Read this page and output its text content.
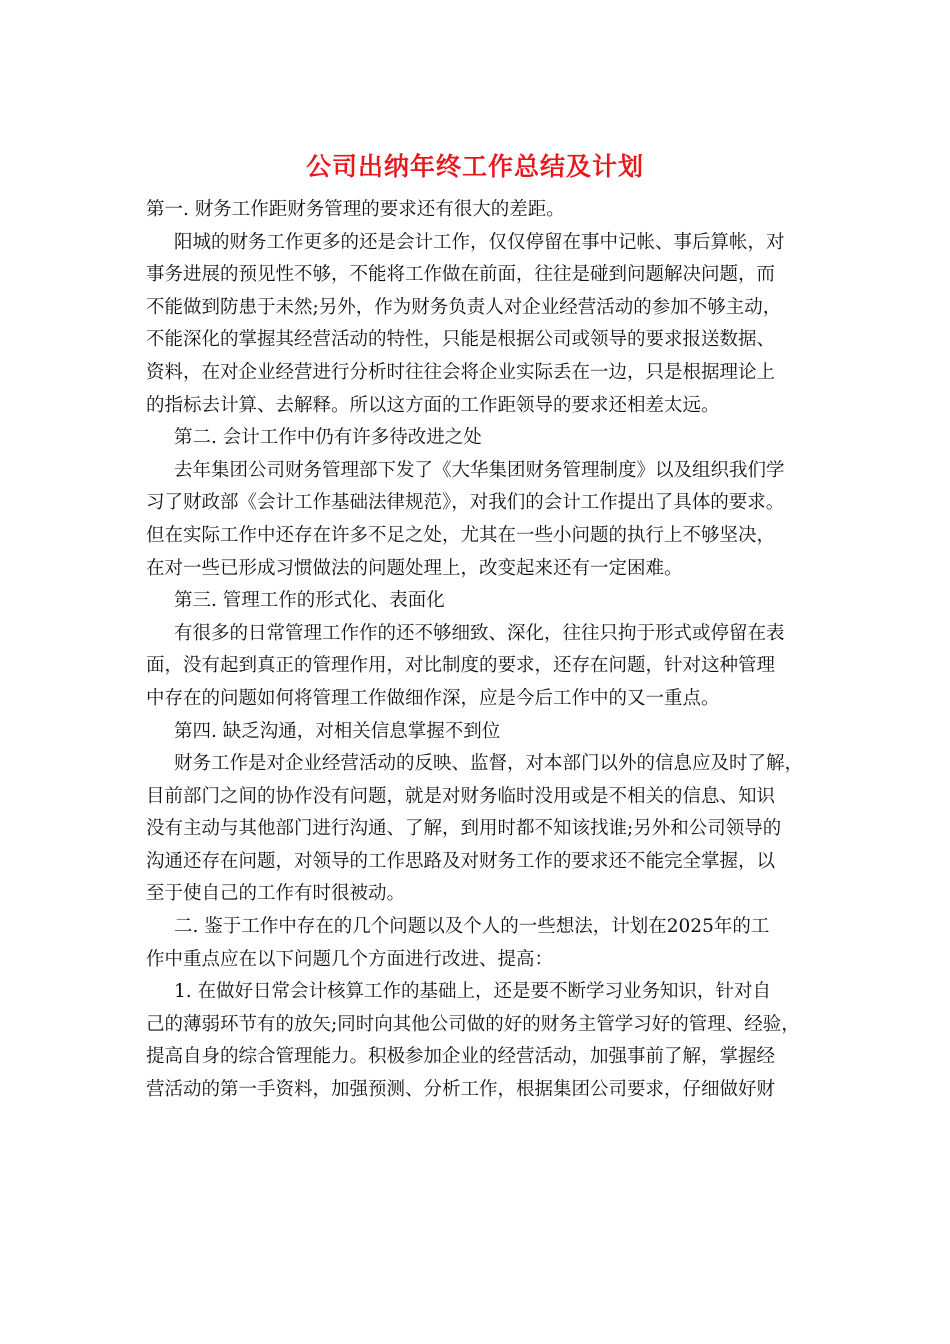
公司出纳年终工作总结及计划
第一. 财务工作距财务管理的要求还有很大的差距。
阳城的财务工作更多的还是会计工作，仅仅停留在事中记帐、事后算帐，对
事务进展的预见性不够，不能将工作做在前面，往往是碰到问题解决问题，而
不能做到防患于未然;另外，作为财务负责人对企业经营活动的参加不够主动，
不能深化的掌握其经营活动的特性，只能是根据公司或领导的要求报送数据、
资料，在对企业经营进行分析时往往会将企业实际丢在一边，只是根据理论上
的指标去计算、去解释。所以这方面的工作距领导的要求还相差太远。
第二. 会计工作中仍有许多待改进之处
去年集团公司财务管理部下发了《大华集团财务管理制度》以及组织我们学
习了财政部《会计工作基础法律规范》，对我们的会计工作提出了具体的要求。
但在实际工作中还存在许多不足之处，尤其在一些小问题的执行上不够坚决，
在对一些已形成习惯做法的问题处理上，改变起来还有一定困难。
第三. 管理工作的形式化、表面化
有很多的日常管理工作作的还不够细致、深化，往往只拘于形式或停留在表
面，没有起到真正的管理作用，对比制度的要求，还存在问题，针对这种管理
中存在的问题如何将管理工作做细作深，应是今后工作中的又一重点。
第四. 缺乏沟通，对相关信息掌握不到位
财务工作是对企业经营活动的反映、监督，对本部门以外的信息应及时了解，
目前部门之间的协作没有问题，就是对财务临时没用或是不相关的信息、知识
没有主动与其他部门进行沟通、了解，到用时都不知该找谁;另外和公司领导的
沟通还存在问题，对领导的工作思路及对财务工作的要求还不能完全掌握，以
至于使自己的工作有时很被动。
二. 鉴于工作中存在的几个问题以及个人的一些想法，计划在2025年的工
作中重点应在以下问题几个方面进行改进、提高：
1. 在做好日常会计核算工作的基础上，还是要不断学习业务知识，针对自
己的薄弱环节有的放矢;同时向其他公司做的好的财务主管学习好的管理、经验，
提高自身的综合管理能力。积极参加企业的经营活动，加强事前了解，掌握经
营活动的第一手资料，加强预测、分析工作，根据集团公司要求，仔细做好财
